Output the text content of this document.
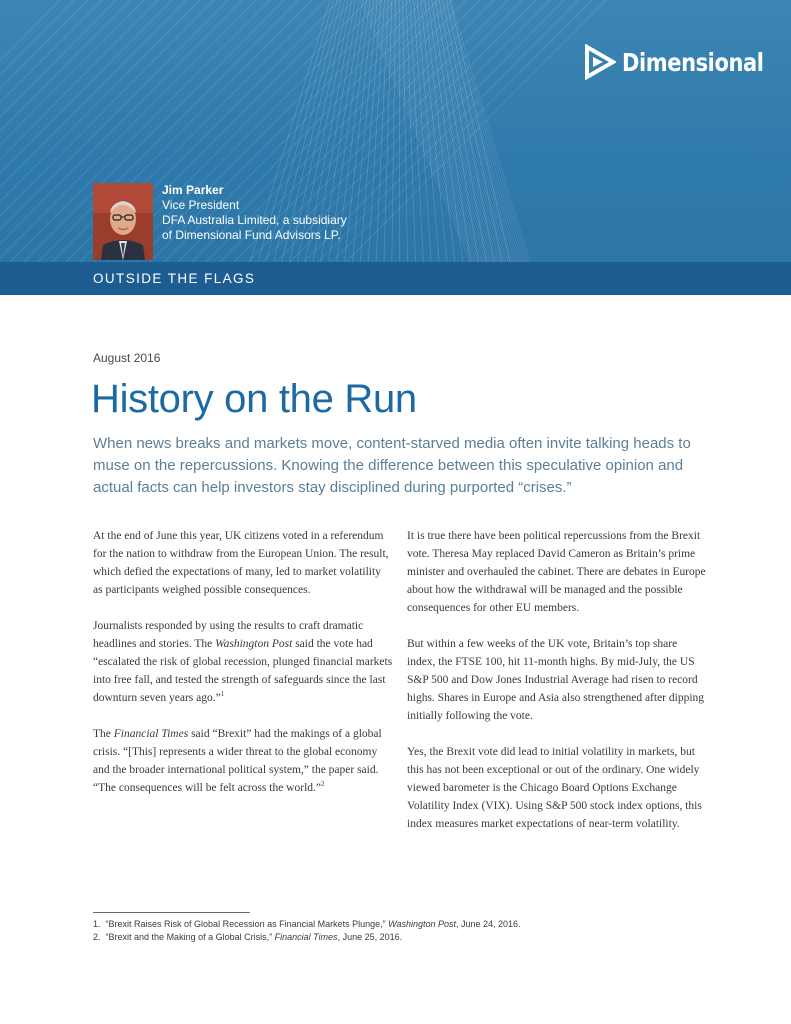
Dimensional
Jim Parker
Vice President
DFA Australia Limited, a subsidiary
of Dimensional Fund Advisors LP.
OUTSIDE THE FLAGS
August 2016
History on the Run

When news breaks and markets move, content-starved media often invite talking heads to muse on the repercussions. Knowing the difference between this speculative opinion and actual facts can help investors stay disciplined during purported “crises.”

At the end of June this year, UK citizens voted in a referendum for the nation to withdraw from the European Union. The result, which defied the expectations of many, led to market volatility as participants weighed possible consequences.

Journalists responded by using the results to craft dramatic headlines and stories. The Washington Post said the vote had “escalated the risk of global recession, plunged financial markets into free fall, and tested the strength of safeguards since the last downturn seven years ago.”$^1$

The Financial Times said “Brexit” had the makings of a global crisis. “[This] represents a wider threat to the global economy and the broader international political system,” the paper said. “The consequences will be felt across the world.”$^2$

It is true there have been political repercussions from the Brexit vote. Theresa May replaced David Cameron as Britain’s prime minister and overhauled the cabinet. There are debates in Europe about how the withdrawal will be managed and the possible consequences for other EU members.

But within a few weeks of the UK vote, Britain’s top share index, the FTSE 100, hit 11-month highs. By mid-July, the US S&P 500 and Dow Jones Industrial Average had risen to record highs. Shares in Europe and Asia also strengthened after dipping initially following the vote.

Yes, the Brexit vote did lead to initial volatility in markets, but this has not been exceptional or out of the ordinary. One widely viewed barometer is the Chicago Board Options Exchange Volatility Index (VIX). Using S&P 500 stock index options, this index measures market expectations of near-term volatility.

1. “Brexit Raises Risk of Global Recession as Financial Markets Plunge,” Washington Post, June 24, 2016.
2. “Brexit and the Making of a Global Crisis,” Financial Times, June 25, 2016.
